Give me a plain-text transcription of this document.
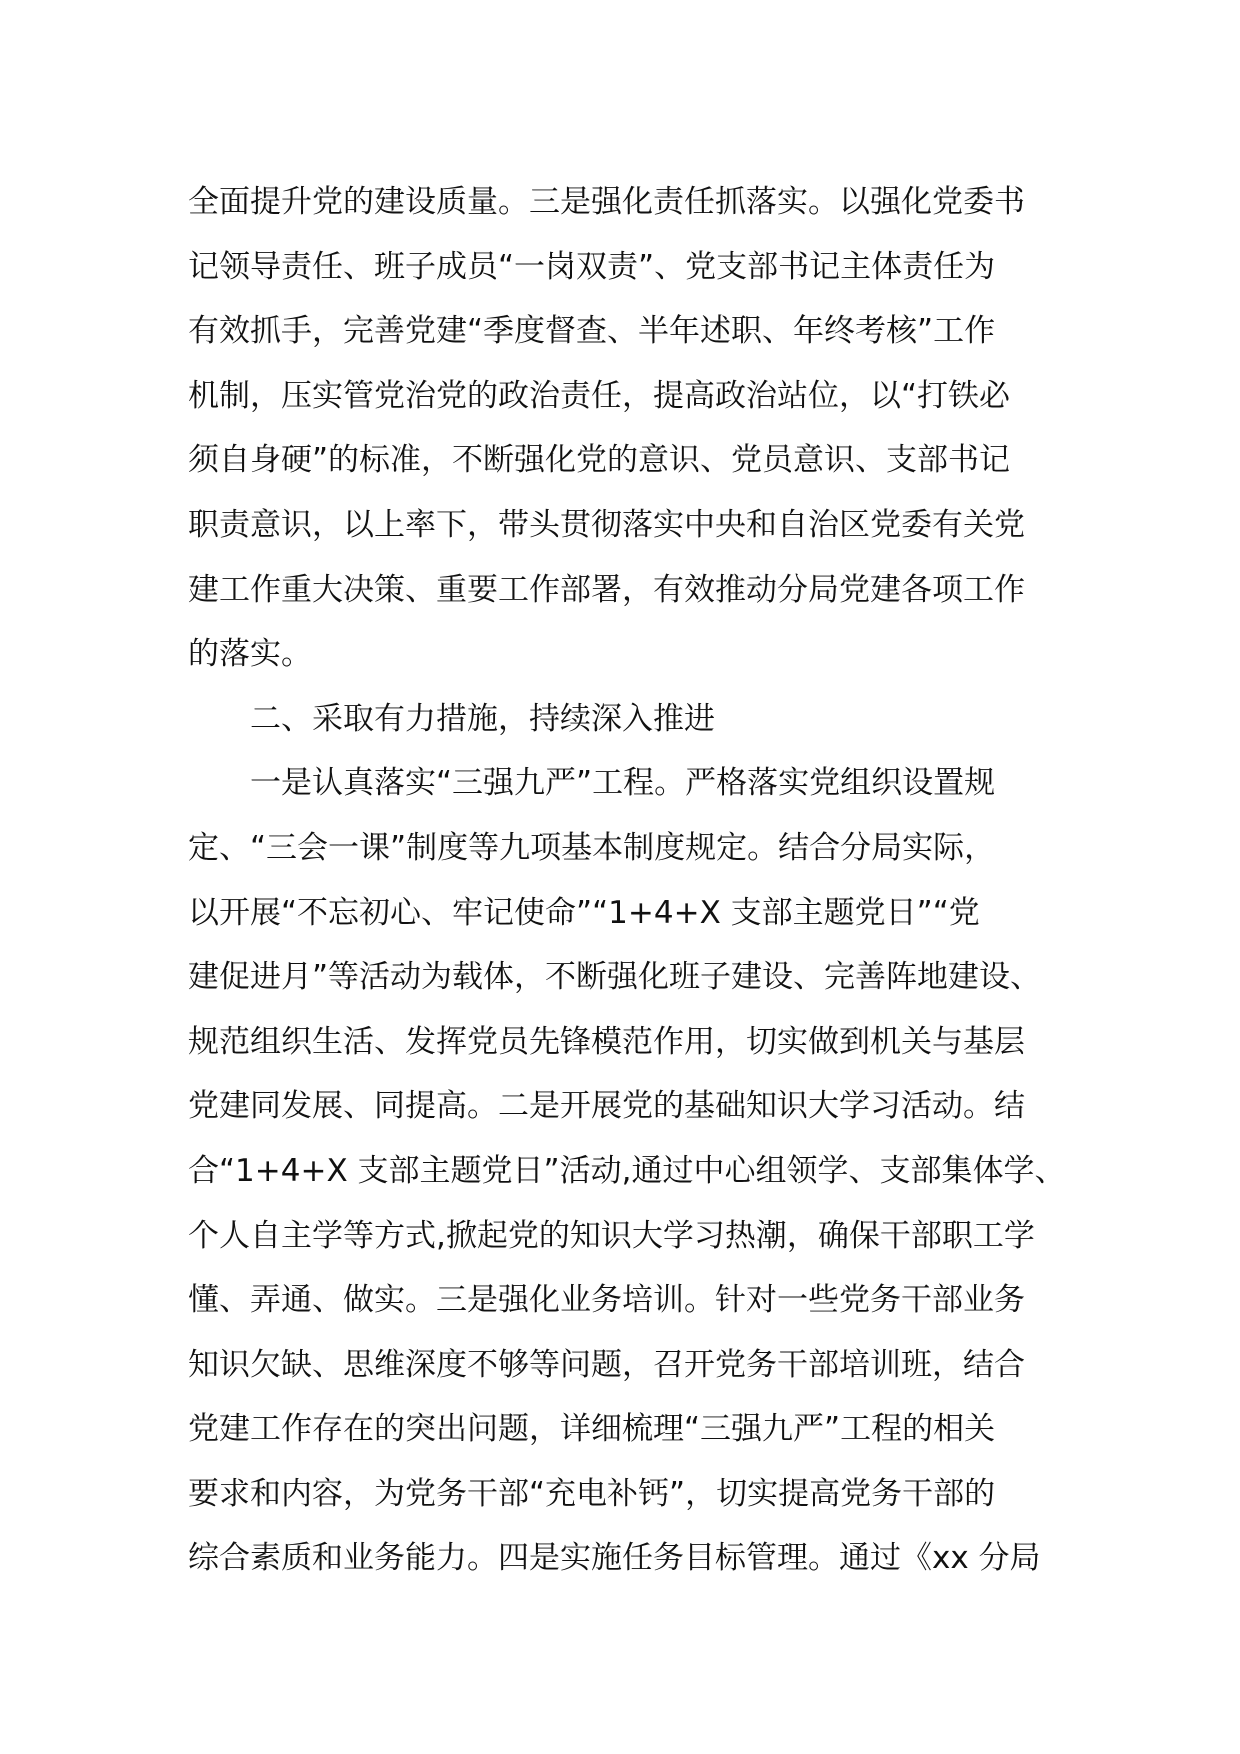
全面提升党的建设质量。三是强化责任抓落实。以强化党委书
记领导责任、班子成员“一岗双责”、党支部书记主体责任为
有效抓手，完善党建“季度督查、半年述职、年终考核”工作
机制，压实管党治党的政治责任，提高政治站位，以“打铁必
须自身硬”的标准，不断强化党的意识、党员意识、支部书记
职责意识，以上率下，带头贯彻落实中央和自治区党委有关党
建工作重大决策、重要工作部署，有效推动分局党建各项工作
的落实。
二、采取有力措施，持续深入推进
一是认真落实“三强九严”工程。严格落实党组织设置规
定、“三会一课”制度等九项基本制度规定。结合分局实际，
以开展“不忘初心、牢记使命”“1+4+X 支部主题党日”“党
建促进月”等活动为载体，不断强化班子建设、完善阵地建设、
规范组织生活、发挥党员先锋模范作用，切实做到机关与基层
党建同发展、同提高。二是开展党的基础知识大学习活动。结
合“1+4+X 支部主题党日”活动,通过中心组领学、支部集体学、
个人自主学等方式,掀起党的知识大学习热潮，确保干部职工学
懂、弄通、做实。三是强化业务培训。针对一些党务干部业务
知识欠缺、思维深度不够等问题，召开党务干部培训班，结合
党建工作存在的突出问题，详细梳理“三强九严”工程的相关
要求和内容，为党务干部“充电补钙”，切实提高党务干部的
综合素质和业务能力。四是实施任务目标管理。通过《xx 分局
